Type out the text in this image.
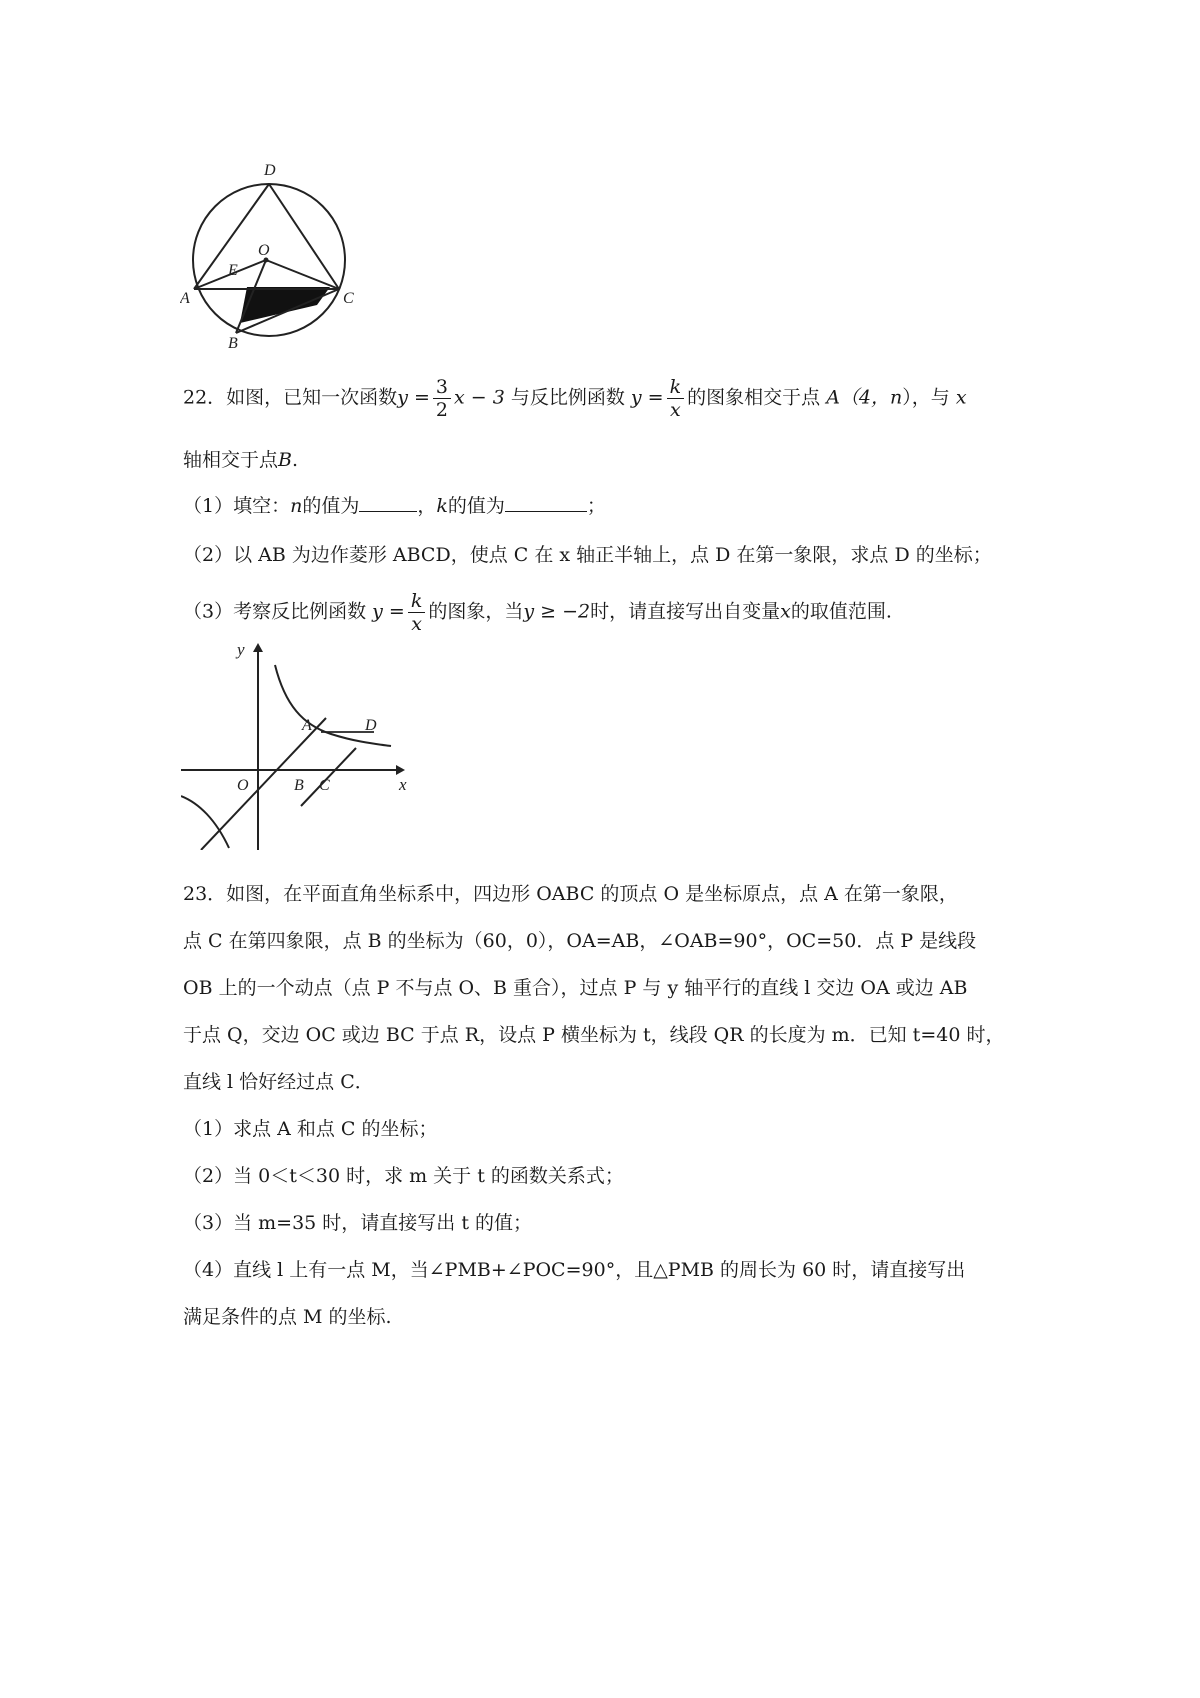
D
O
E
A	C
B
22．如图，已知一次函数$y = \frac{3}{2}$ x − 3 与反比例函数 $y = \frac{k}{x}$ 的图象相交于点 A（4，n），与 x
轴相交于点B.
（1）填空：n的值为	，k的值为	；
（2）以 AB 为边作菱形 ABCD，使点 C 在 x 轴正半轴上，点 D 在第一象限，求点 D 的坐标；
（3）考察反比例函数 $y = \frac{k}{x}$ 的图象，当y ≥ −2时，请直接写出自变量x的取值范围.
y
A	D
O	B C	x
23．如图，在平面直角坐标系中，四边形 OABC 的顶点 O 是坐标原点，点 A 在第一象限，
点 C 在第四象限，点 B 的坐标为（60，0），OA=AB，∠OAB=90°，OC=50．点 P 是线段
OB 上的一个动点（点 P 不与点 O、B 重合），过点 P 与 y 轴平行的直线 l 交边 OA 或边 AB
于点 Q，交边 OC 或边 BC 于点 R，设点 P 横坐标为 t，线段 QR 的长度为 m．已知 t=40 时，
直线 l 恰好经过点 C．
（1）求点 A 和点 C 的坐标；
（2）当 0＜t＜30 时，求 m 关于 t 的函数关系式；
（3）当 m=35 时，请直接写出 t 的值；
（4）直线 l 上有一点 M，当∠PMB+∠POC=90°，且△PMB 的周长为 60 时，请直接写出
满足条件的点 M 的坐标.
